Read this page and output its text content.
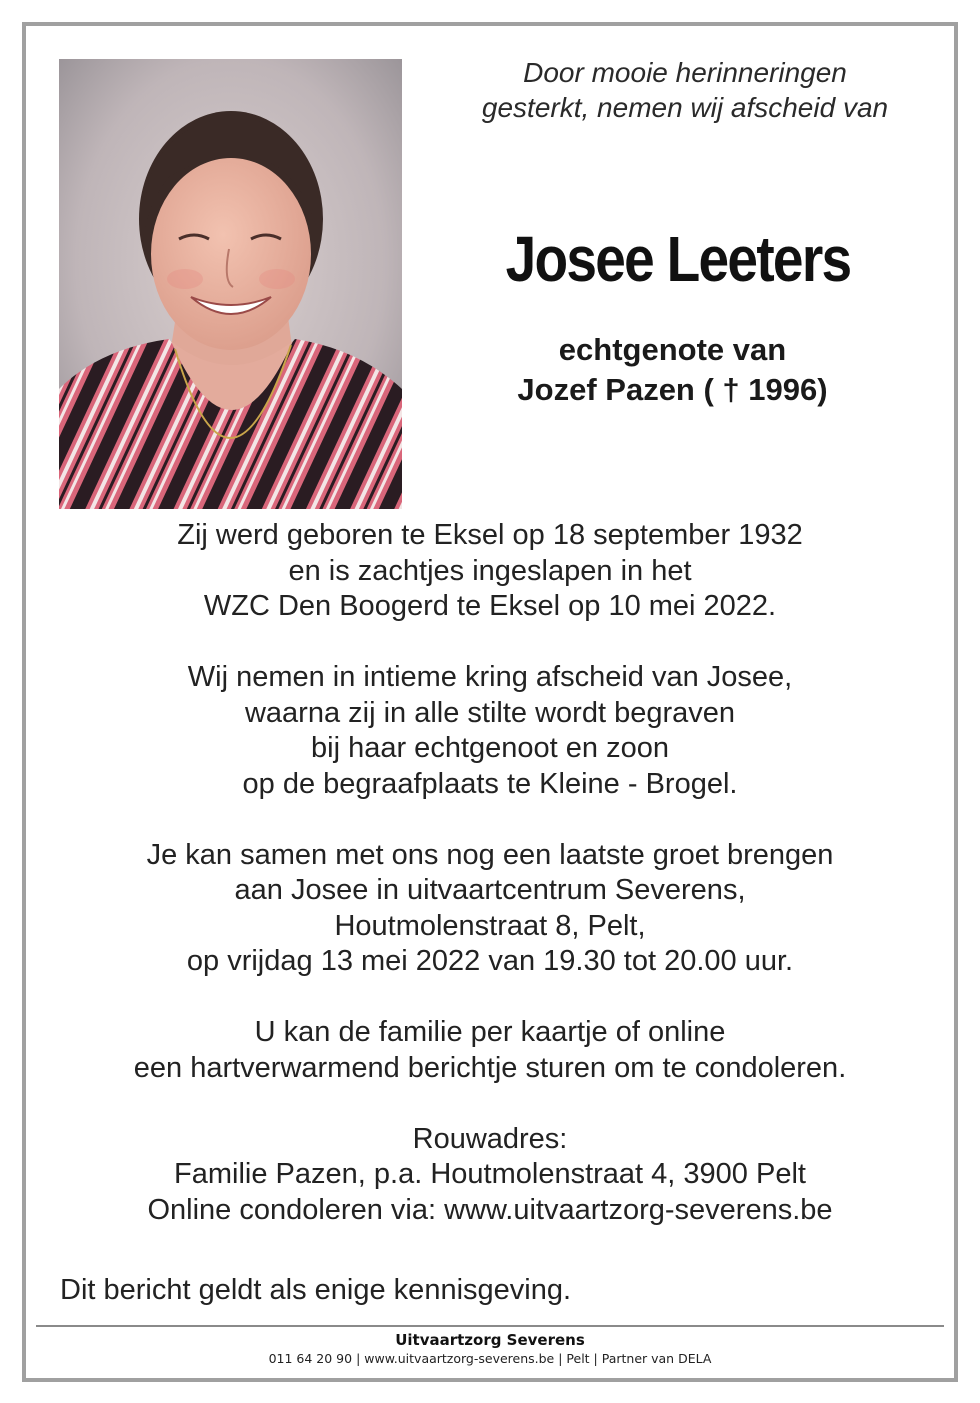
Door mooie herinneringen
gesterkt, nemen wij afscheid van
Josee Leeters
echtgenote van
Jozef Pazen ( † 1996)

Zij werd geboren te Eksel op 18 september 1932
en is zachtjes ingeslapen in het
WZC Den Boogerd te Eksel op 10 mei 2022.

Wij nemen in intieme kring afscheid van Josee,
waarna zij in alle stilte wordt begraven
bij haar echtgenoot en zoon
op de begraafplaats te Kleine - Brogel.

Je kan samen met ons nog een laatste groet brengen
aan Josee in uitvaartcentrum Severens,
Houtmolenstraat 8, Pelt,
op vrijdag 13 mei 2022 van 19.30 tot 20.00 uur.

U kan de familie per kaartje of online
een hartverwarmend berichtje sturen om te condoleren.

Rouwadres:
Familie Pazen, p.a. Houtmolenstraat 4, 3900 Pelt
Online condoleren via: www.uitvaartzorg-severens.be

Dit bericht geldt als enige kennisgeving.
Uitvaartzorg Severens
011 64 20 90 | www.uitvaartzorg-severens.be | Pelt | Partner van DELA
